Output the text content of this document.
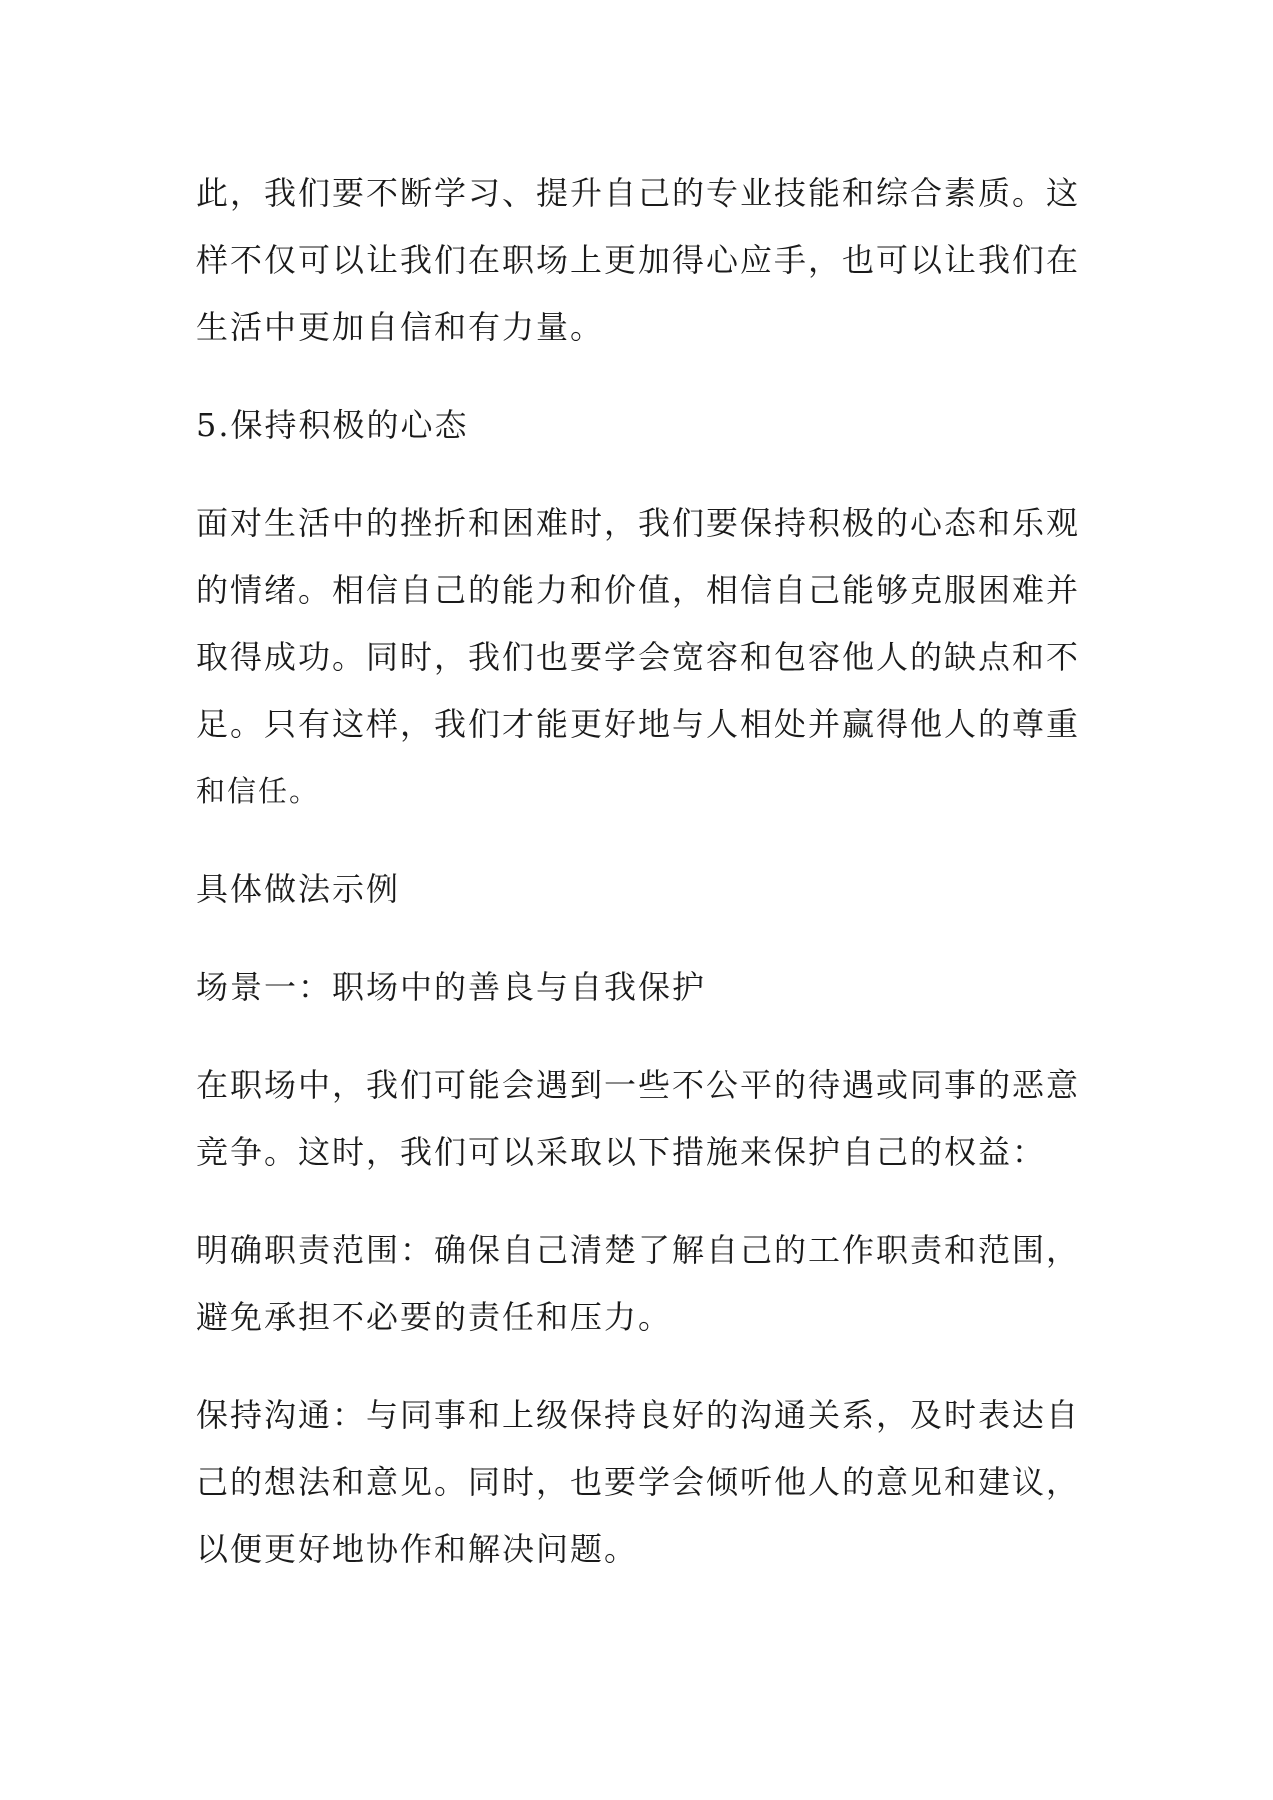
此，我们要不断学习、提升自己的专业技能和综合素质。这
样不仅可以让我们在职场上更加得心应手，也可以让我们在
生活中更加自信和有力量。

5.保持积极的心态

面对生活中的挫折和困难时，我们要保持积极的心态和乐观
的情绪。相信自己的能力和价值，相信自己能够克服困难并
取得成功。同时，我们也要学会宽容和包容他人的缺点和不
足。只有这样，我们才能更好地与人相处并赢得他人的尊重
和信任。

具体做法示例

场景一：职场中的善良与自我保护

在职场中，我们可能会遇到一些不公平的待遇或同事的恶意
竞争。这时，我们可以采取以下措施来保护自己的权益：

明确职责范围：确保自己清楚了解自己的工作职责和范围，
避免承担不必要的责任和压力。

保持沟通：与同事和上级保持良好的沟通关系，及时表达自
己的想法和意见。同时，也要学会倾听他人的意见和建议，
以便更好地协作和解决问题。
